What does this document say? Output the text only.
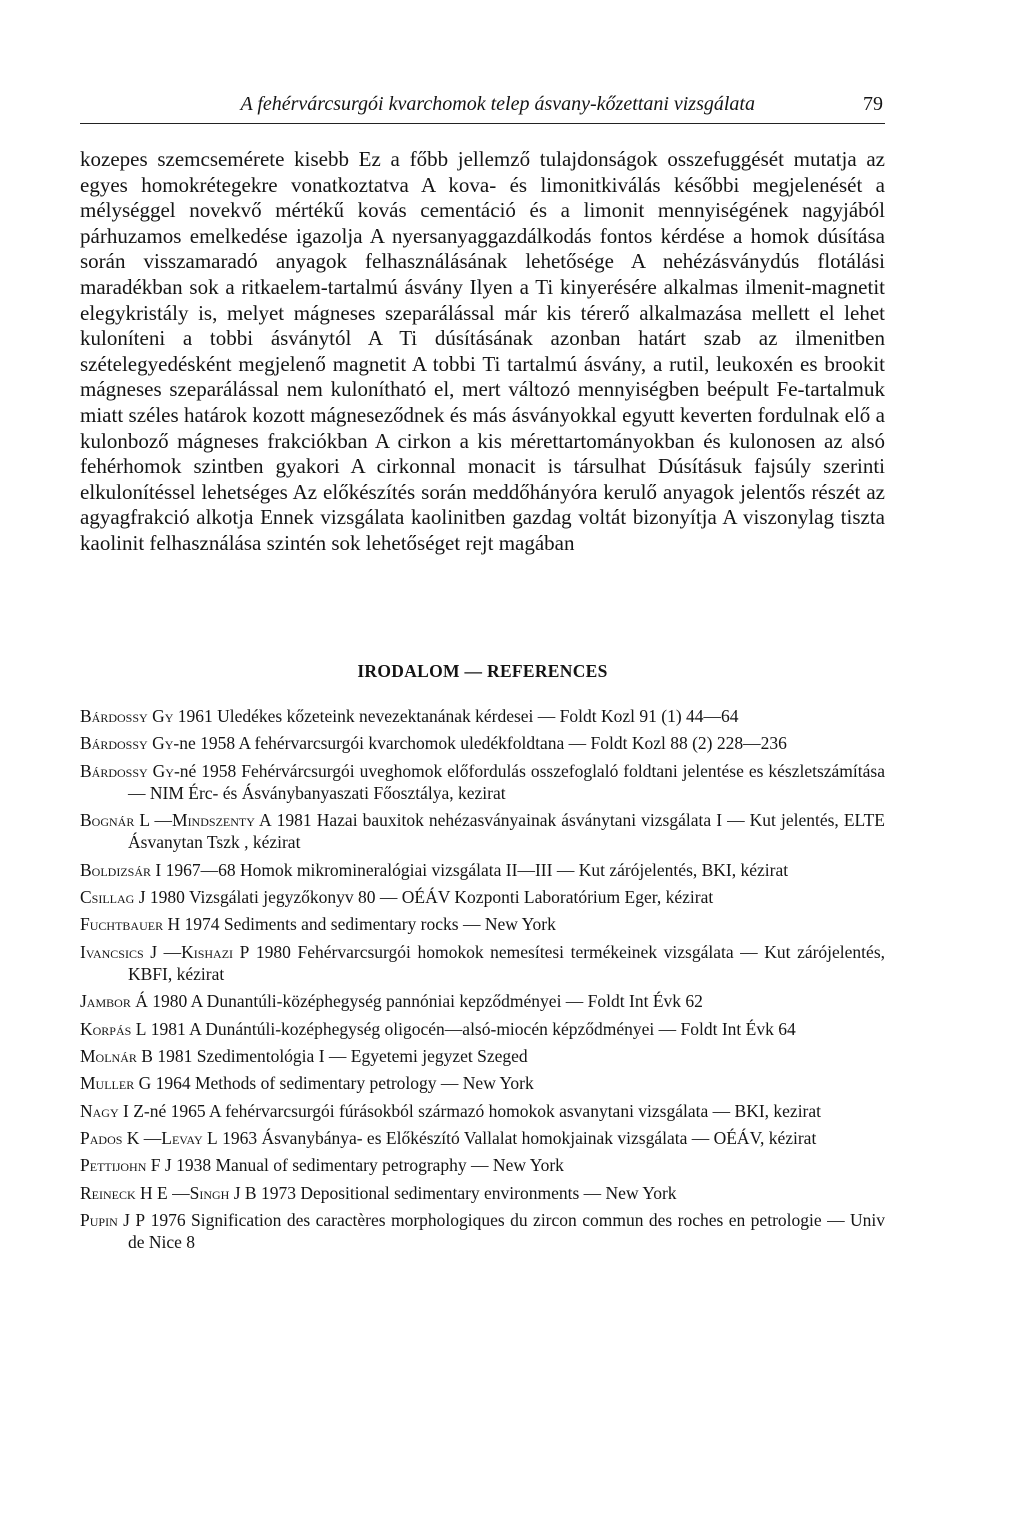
A fehérvárcsurgói kvarchomok telep ásvany-kőzettani vizsgálata	79

kozepes szemcsemérete kisebb Ez a főbb jellemző tulajdonságok osszefuggését mutatja az egyes homokrétegekre vonatkoztatva A kova- és limonitkiválás későbbi megjelenését a mélységgel novekvő mértékű kovás cementáció és a limonit mennyiségének nagyjából párhuzamos emelkedése igazolja A nyersanyaggazdálkodás fontos kérdése a homok dúsítása során visszamaradó anyagok felhasználásának lehetősége A nehézásványdús flotálási maradékban sok a ritkaelem-tartalmú ásvány Ilyen a Ti kinyerésére alkalmas ilmenit-magnetit elegykristály is, melyet mágneses szeparálással már kis térerő alkalmazása mellett el lehet kuloníteni a tobbi ásványtól A Ti dúsításának azonban határt szab az ilmenitben szételegyedésként megjelenő magnetit A tobbi Ti tartalmú ásvány, a rutil, leukoxén es brookit mágneses szeparálással nem kulonítható el, mert változó mennyiségben beépult Fe-tartalmuk miatt széles határok kozott mágneseződnek és más ásványokkal egyutt keverten fordulnak elő a kulonboző mágneses frakciókban A cirkon a kis mérettartományokban és kulonosen az alsó fehérhomok szintben gyakori A cirkonnal monacit is társulhat Dúsításuk fajsúly szerinti elkulonítéssel lehetséges Az előkészítés során meddőhányóra kerulő anyagok jelentős részét az agyagfrakció alkotja Ennek vizsgálata kaolinitben gazdag voltát bizonyítja A viszonylag tiszta kaolinit felhasználása szintén sok lehetőséget rejt magában

IRODALOM — REFERENCES

Bárdossy Gy 1961 Uledékes kőzeteink nevezektanának kérdesei — Foldt Kozl 91 (1) 44—64

Bárdossy Gy-ne 1958 A fehérvarcsurgói kvarchomok uledékfoldtana — Foldt Kozl 88 (2) 228—236

Bárdossy Gy-né 1958 Fehérvárcsurgói uveghomok előfordulás osszefoglaló foldtani jelentése es készletszámítása — NIM Érc- és Ásványbanyaszati Főosztálya, kezirat

Bognár L —Mindszenty A 1981 Hazai bauxitok nehézasványainak ásványtani vizsgálata I — Kut jelentés, ELTE Ásvanytan Tszk , kézirat

Boldizsár I 1967—68 Homok mikromineralógiai vizsgálata II—III — Kut zárójelentés, BKI, kézirat

Csillag J 1980 Vizsgálati jegyzőkonyv 80 — OÉÁV Kozponti Laboratórium Eger, kézirat

Fuchtbauer H 1974 Sediments and sedimentary rocks — New York

Ivancsics J —Kishazi P 1980 Fehérvarcsurgói homokok nemesítesi termékeinek vizsgálata — Kut zárójelentés, KBFI, kézirat

Jambor Á 1980 A Dunantúli-középhegység pannóniai kepződményei — Foldt Int Évk 62

Korpás L 1981 A Dunántúli-kozéphegység oligocén—alsó-miocén képződményei — Foldt Int Évk 64

Molnár B 1981 Szedimentológia I — Egyetemi jegyzet Szeged

Muller G 1964 Methods of sedimentary petrology — New York

Nagy I Z-né 1965 A fehérvarcsurgói fúrásokból származó homokok asvanytani vizsgálata — BKI, kezirat

Pados K —Levay L 1963 Ásvanybánya- es Előkészító Vallalat homokjainak vizsgálata — OÉÁV, kézirat

Pettijohn F J 1938 Manual of sedimentary petrography — New York

Reineck H E —Singh J B 1973 Depositional sedimentary environments — New York

Pupin J P 1976 Signification des caractères morphologiques du zircon commun des roches en petrologie — Univ de Nice 8
